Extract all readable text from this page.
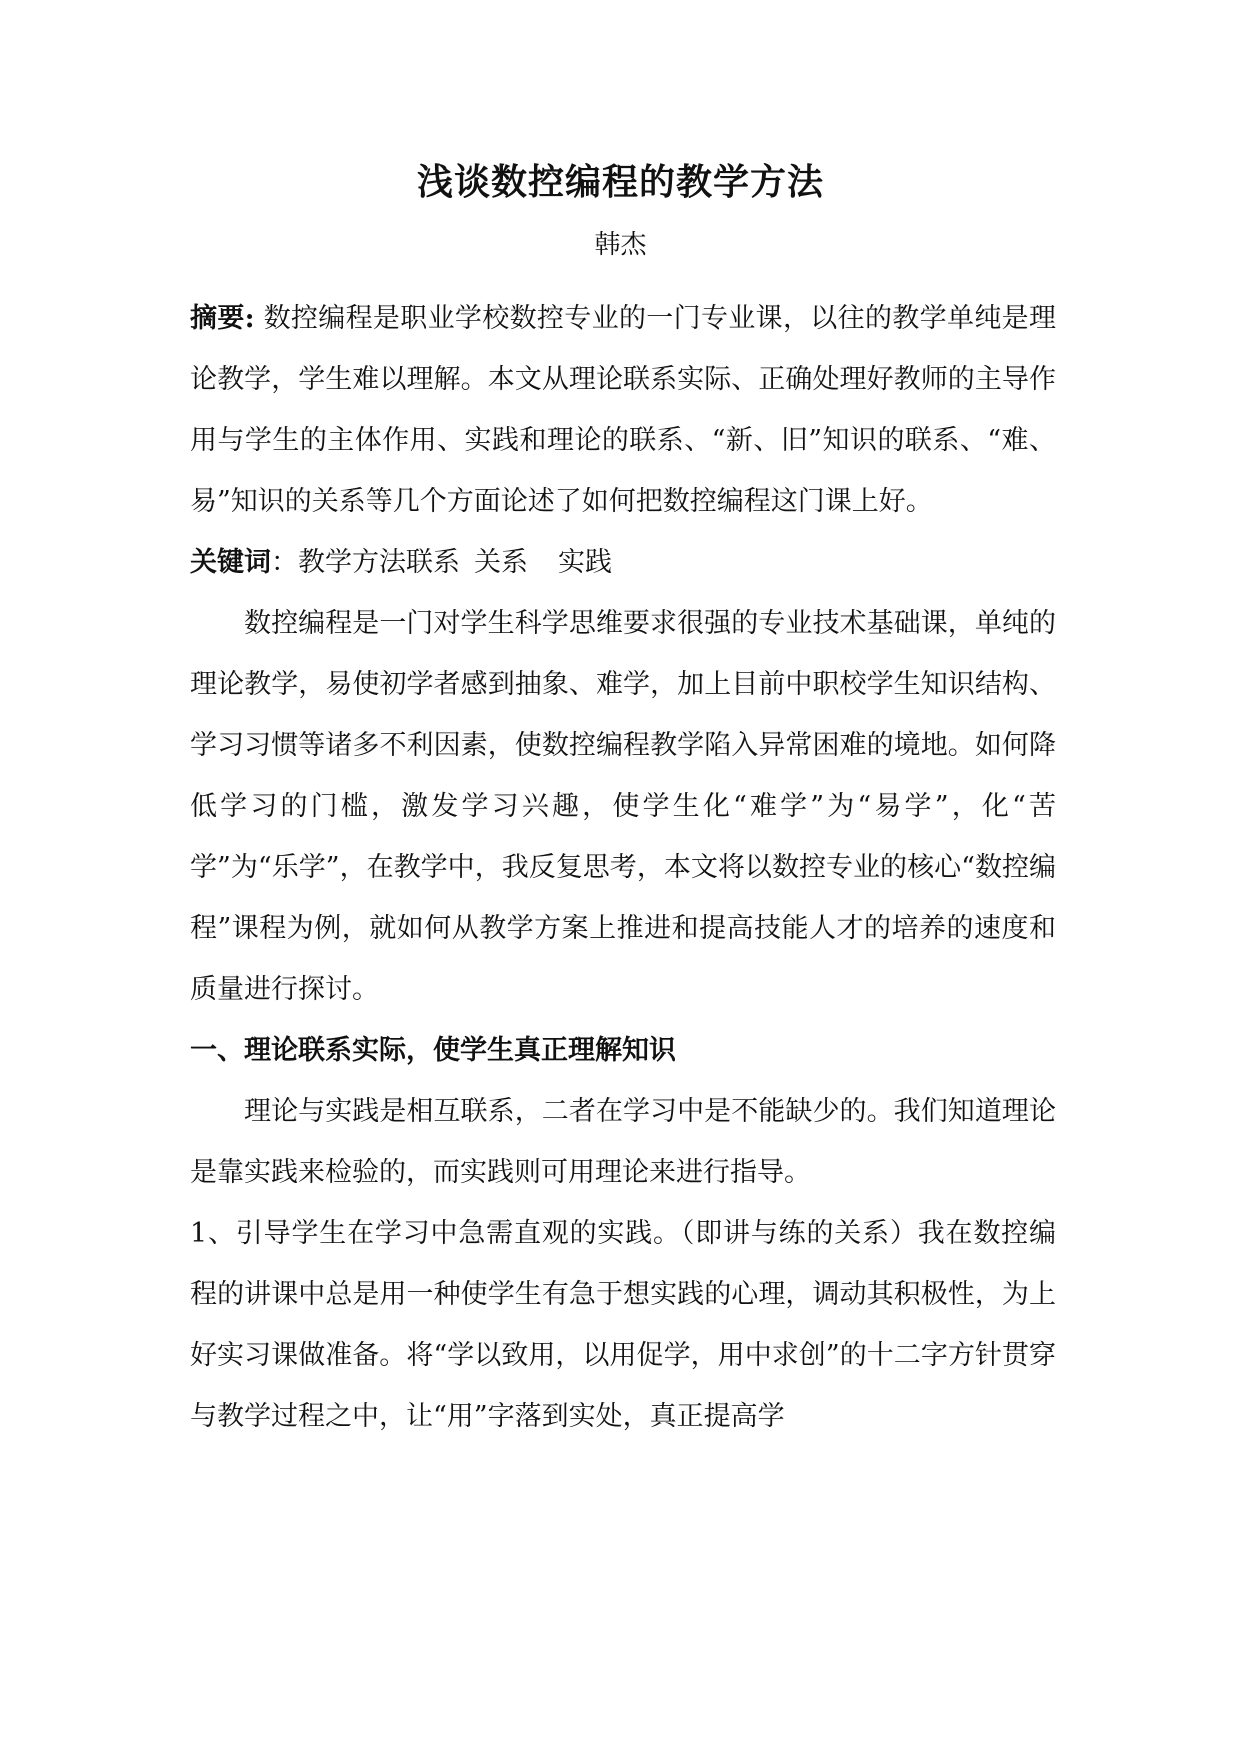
浅谈数控编程的教学方法
韩杰

摘要: 数控编程是职业学校数控专业的一门专业课，以往的教学单纯是理论教学，学生难以理解。本文从理论联系实际、正确处理好教师的主导作用与学生的主体作用、实践和理论的联系、“新、旧”知识的联系、“难、易”知识的关系等几个方面论述了如何把数控编程这门课上好。

关键词：教学方法联系 关系 实践

数控编程是一门对学生科学思维要求很强的专业技术基础课，单纯的理论教学，易使初学者感到抽象、难学，加上目前中职校学生知识结构、学习习惯等诸多不利因素，使数控编程教学陷入异常困难的境地。如何降低学习的门槛，激发学习兴趣，使学生化“难学”为“易学”，化“苦学”为“乐学”，在教学中，我反复思考，本文将以数控专业的核心“数控编程”课程为例，就如何从教学方案上推进和提高技能人才的培养的速度和质量进行探讨。

一、理论联系实际，使学生真正理解知识

理论与实践是相互联系，二者在学习中是不能缺少的。我们知道理论是靠实践来检验的，而实践则可用理论来进行指导。

1、引导学生在学习中急需直观的实践。（即讲与练的关系）我在数控编程的讲课中总是用一种使学生有急于想实践的心理，调动其积极性，为上好实习课做准备。将“学以致用，以用促学，用中求创”的十二字方针贯穿与教学过程之中，让“用”字落到实处，真正提高学
